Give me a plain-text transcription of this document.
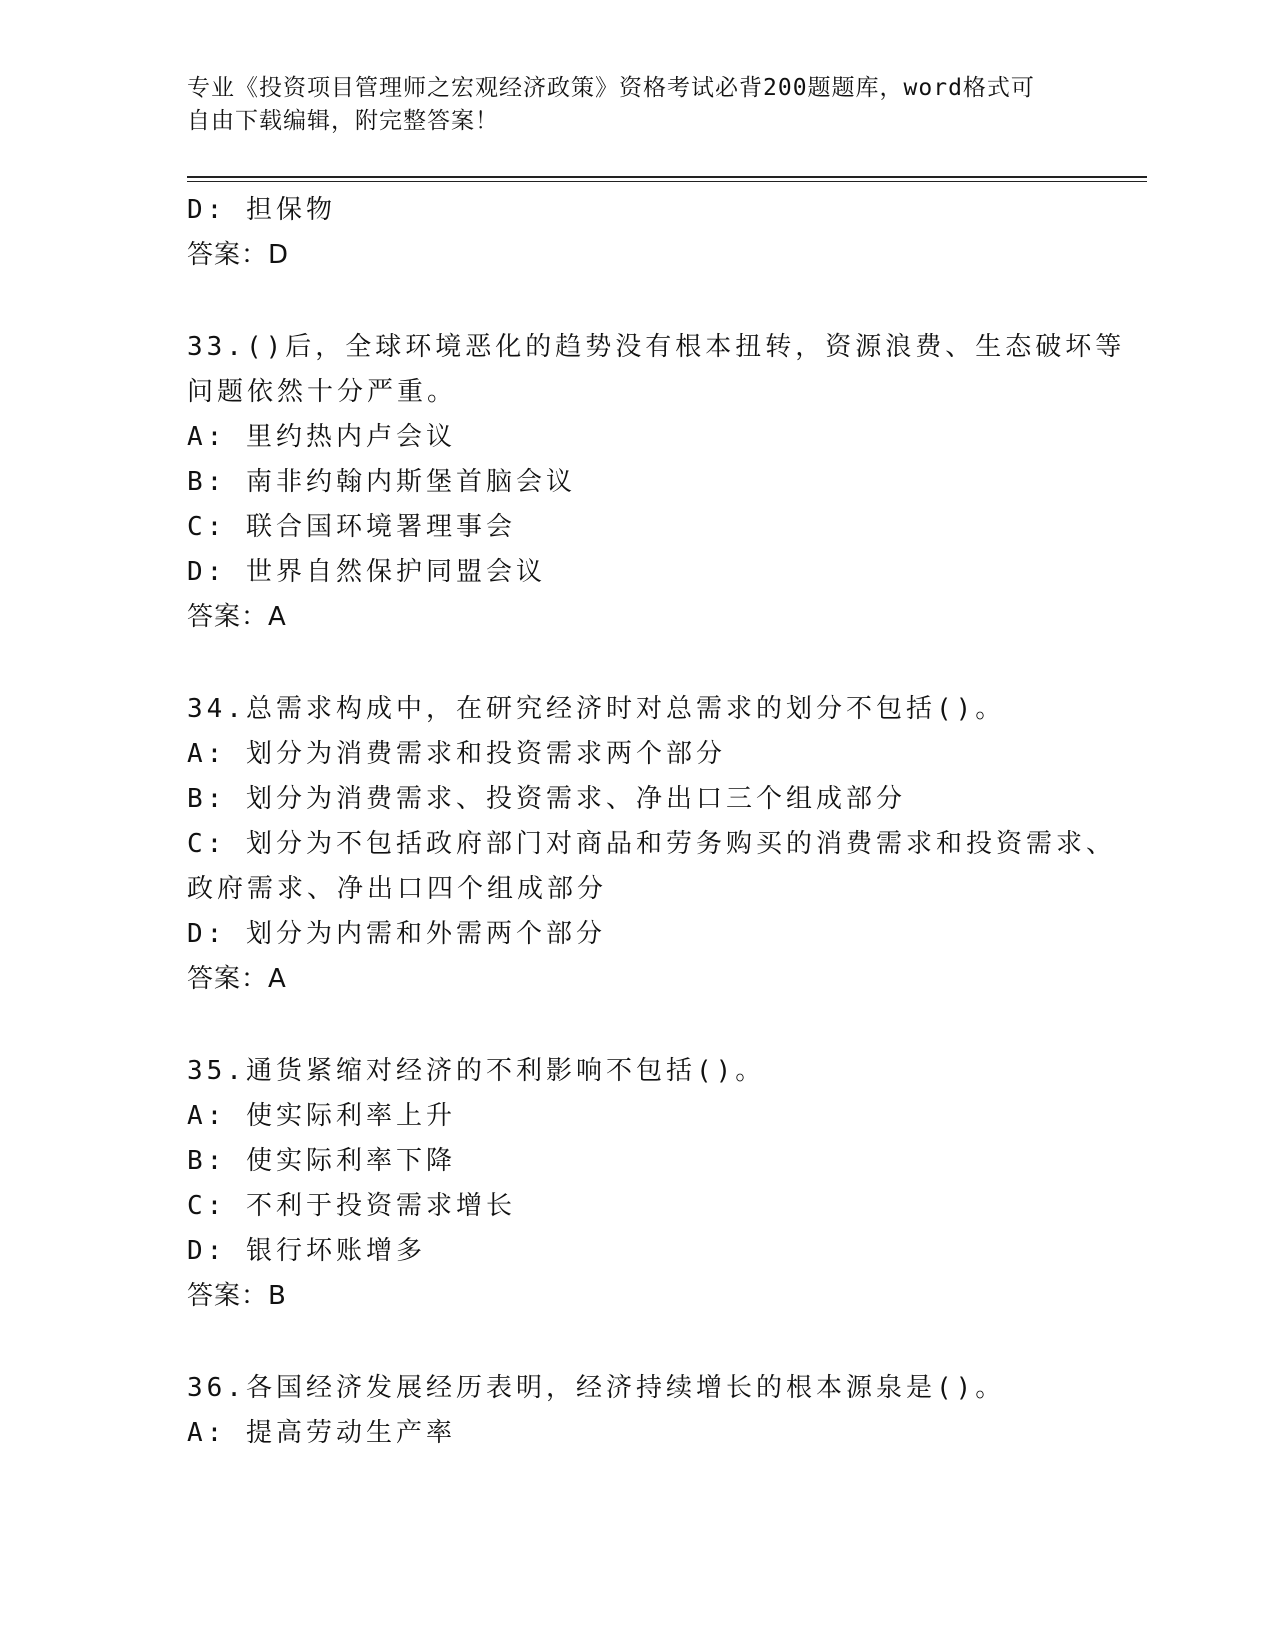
专业《投资项目管理师之宏观经济政策》资格考试必背200题题库，word格式可
自由下载编辑，附完整答案！
D: 担保物
答案：D
33.()后，全球环境恶化的趋势没有根本扭转，资源浪费、生态破坏等
问题依然十分严重。
A: 里约热内卢会议
B: 南非约翰内斯堡首脑会议
C: 联合国环境署理事会
D: 世界自然保护同盟会议
答案：A
34.总需求构成中，在研究经济时对总需求的划分不包括()。
A: 划分为消费需求和投资需求两个部分
B: 划分为消费需求、投资需求、净出口三个组成部分
C: 划分为不包括政府部门对商品和劳务购买的消费需求和投资需求、
政府需求、净出口四个组成部分
D: 划分为内需和外需两个部分
答案：A
35.通货紧缩对经济的不利影响不包括()。
A: 使实际利率上升
B: 使实际利率下降
C: 不利于投资需求增长
D: 银行坏账增多
答案：B
36.各国经济发展经历表明，经济持续增长的根本源泉是()。
A: 提高劳动生产率
